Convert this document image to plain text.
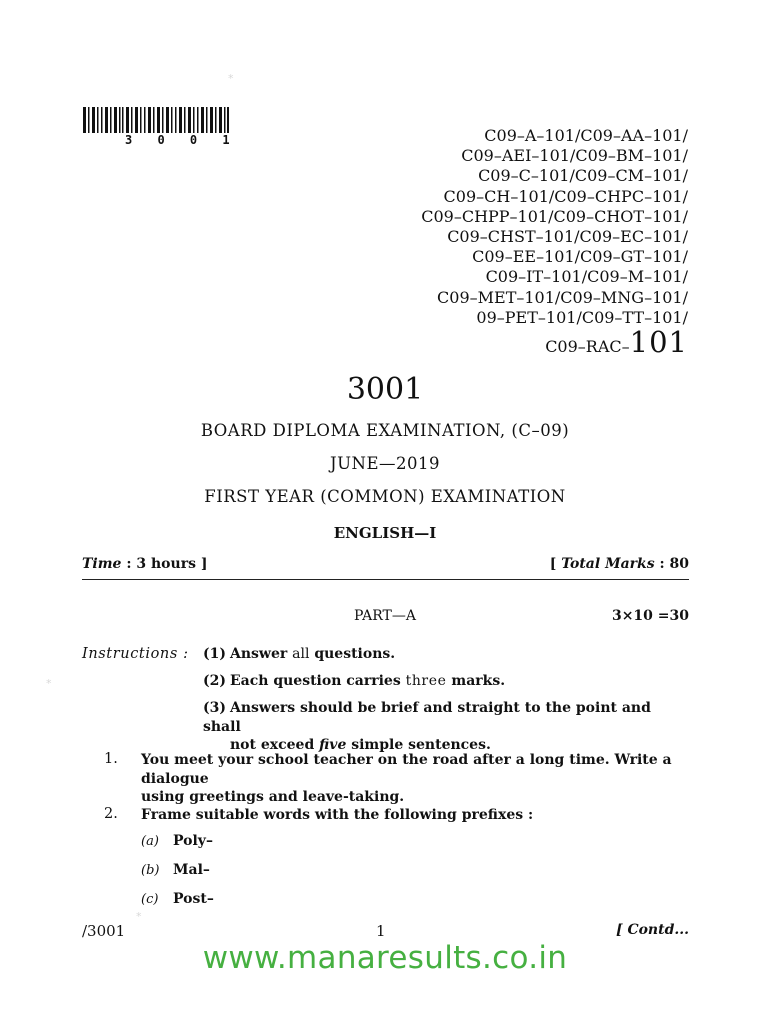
3 0 0 1
*
*
*
C09–A–101/C09–AA–101/
C09–AEI–101/C09–BM–101/
C09–C–101/C09–CM–101/
C09–CH–101/C09–CHPC–101/
C09–CHPP–101/C09–CHOT–101/
C09–CHST–101/C09–EC–101/
C09–EE–101/C09–GT–101/
C09–IT–101/C09–M–101/
C09–MET–101/C09–MNG–101/
09–PET–101/C09–TT–101/
C09–RAC–101
3001
BOARD DIPLOMA EXAMINATION, (C–09)
JUNE—2019
FIRST YEAR (COMMON) EXAMINATION
ENGLISH—I
Time : 3 hours ]	[ Total Marks : 80
PART—A	3×10 =30
Instructions : (1) Answer all questions.
(2) Each question carries three marks.
(3) Answers should be brief and straight to the point and shall
not exceed five simple sentences.
1. You meet your school teacher on the road after a long time. Write a dialogue
using greetings and leave-taking.
2. Frame suitable words with the following prefixes :
(a) Poly–
(b) Mal–
(c) Post–
/3001	1	[ Contd...
www.manaresults.co.in
